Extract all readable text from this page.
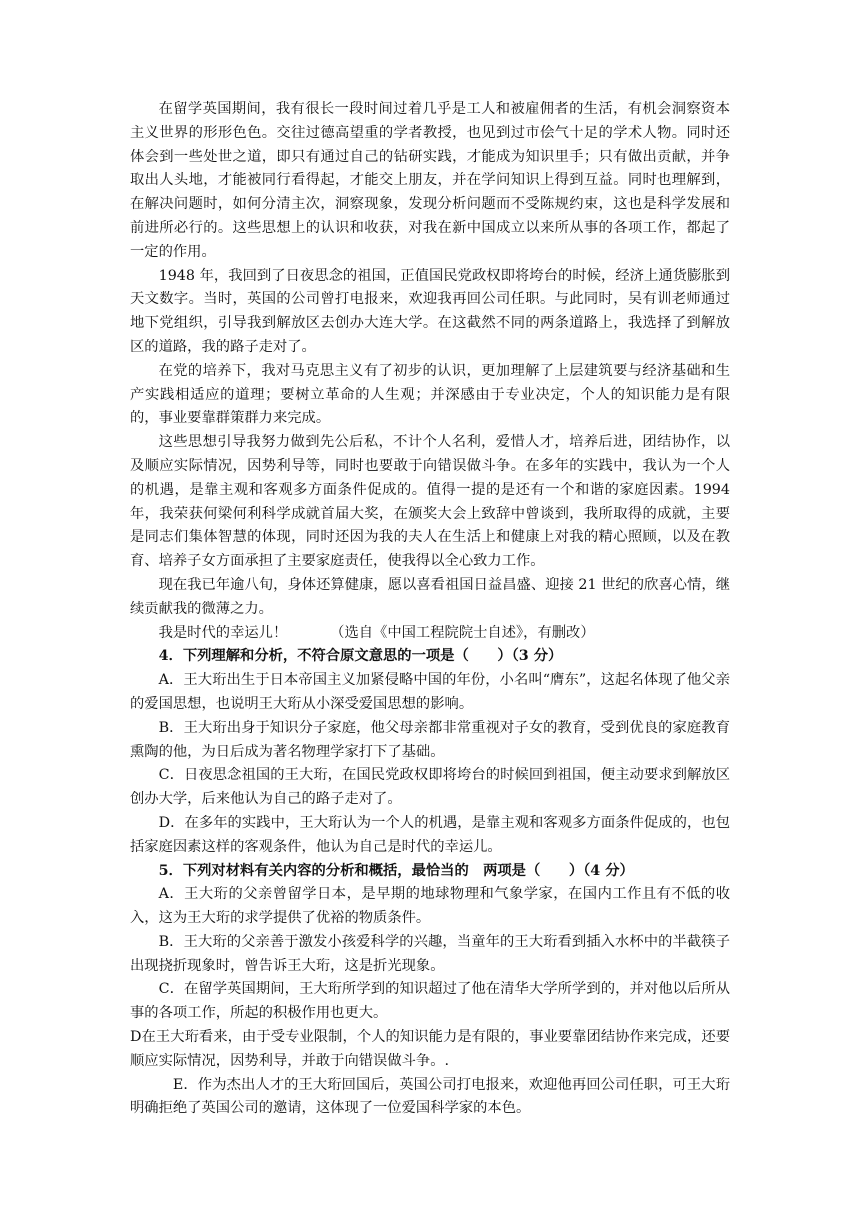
在留学英国期间，我有很长一段时间过着几乎是工人和被雇佣者的生活，有机会洞察资本主义世界的形形色色。交往过德高望重的学者教授，也见到过市侩气十足的学术人物。同时还体会到一些处世之道，即只有通过自己的钻研实践，才能成为知识里手；只有做出贡献，并争取出人头地，才能被同行看得起，才能交上朋友，并在学问知识上得到互益。同时也理解到，在解决问题时，如何分清主次，洞察现象，发现分析问题而不受陈规约束，这也是科学发展和前进所必行的。这些思想上的认识和收获，对我在新中国成立以来所从事的各项工作，都起了一定的作用。

1948 年，我回到了日夜思念的祖国，正值国民党政权即将垮台的时候，经济上通货膨胀到天文数字。当时，英国的公司曾打电报来，欢迎我再回公司任职。与此同时，吴有训老师通过地下党组织，引导我到解放区去创办大连大学。在这截然不同的两条道路上，我选择了到解放区的道路，我的路子走对了。

在党的培养下，我对马克思主义有了初步的认识，更加理解了上层建筑要与经济基础和生产实践相适应的道理；要树立革命的人生观；并深感由于专业决定，个人的知识能力是有限的，事业要靠群策群力来完成。

这些思想引导我努力做到先公后私，不计个人名利，爱惜人才，培养后进，团结协作，以及顺应实际情况，因势利导等，同时也要敢于向错误做斗争。在多年的实践中，我认为一个人的机遇，是靠主观和客观多方面条件促成的。值得一提的是还有一个和谐的家庭因素。1994 年，我荣获何梁何利科学成就首届大奖，在颁奖大会上致辞中曾谈到，我所取得的成就，主要是同志们集体智慧的体现，同时还因为我的夫人在生活上和健康上对我的精心照顾，以及在教育、培养子女方面承担了主要家庭责任，使我得以全心致力工作。

现在我已年逾八旬，身体还算健康，愿以喜看祖国日益昌盛、迎接 21 世纪的欣喜心情，继续贡献我的微薄之力。

我是时代的幸运儿！	（选自《中国工程院院士自述》，有删改）

4．下列理解和分析，不符合原文意思的一项是（　　）（3 分）

A．王大珩出生于日本帝国主义加紧侵略中国的年份，小名叫“膺东”，这起名体现了他父亲的爱国思想，也说明王大珩从小深受爱国思想的影响。

B．王大珩出身于知识分子家庭，他父母亲都非常重视对子女的教育，受到优良的家庭教育熏陶的他，为日后成为著名物理学家打下了基础。

C．日夜思念祖国的王大珩，在国民党政权即将垮台的时候回到祖国，便主动要求到解放区创办大学，后来他认为自己的路子走对了。

D．在多年的实践中，王大珩认为一个人的机遇，是靠主观和客观多方面条件促成的，也包括家庭因素这样的客观条件，他认为自己是时代的幸运儿。

5．下列对材料有关内容的分析和概括，最恰当的　两项是（　　）（4 分）

A．王大珩的父亲曾留学日本，是早期的地球物理和气象学家，在国内工作且有不低的收入，这为王大珩的求学提供了优裕的物质条件。

B．王大珩的父亲善于激发小孩爱科学的兴趣，当童年的王大珩看到插入水杯中的半截筷子出现挠折现象时，曾告诉王大珩，这是折光现象。

C．在留学英国期间，王大珩所学到的知识超过了他在清华大学所学到的，并对他以后所从事的各项工作，所起的积极作用也更大。

D在王大珩看来，由于受专业限制，个人的知识能力是有限的，事业要靠团结协作来完成，还要顺应实际情况，因势利导，并敢于向错误做斗争。.

E．作为杰出人才的王大珩回国后，英国公司打电报来，欢迎他再回公司任职，可王大珩明确拒绝了英国公司的邀请，这体现了一位爱国科学家的本色。
